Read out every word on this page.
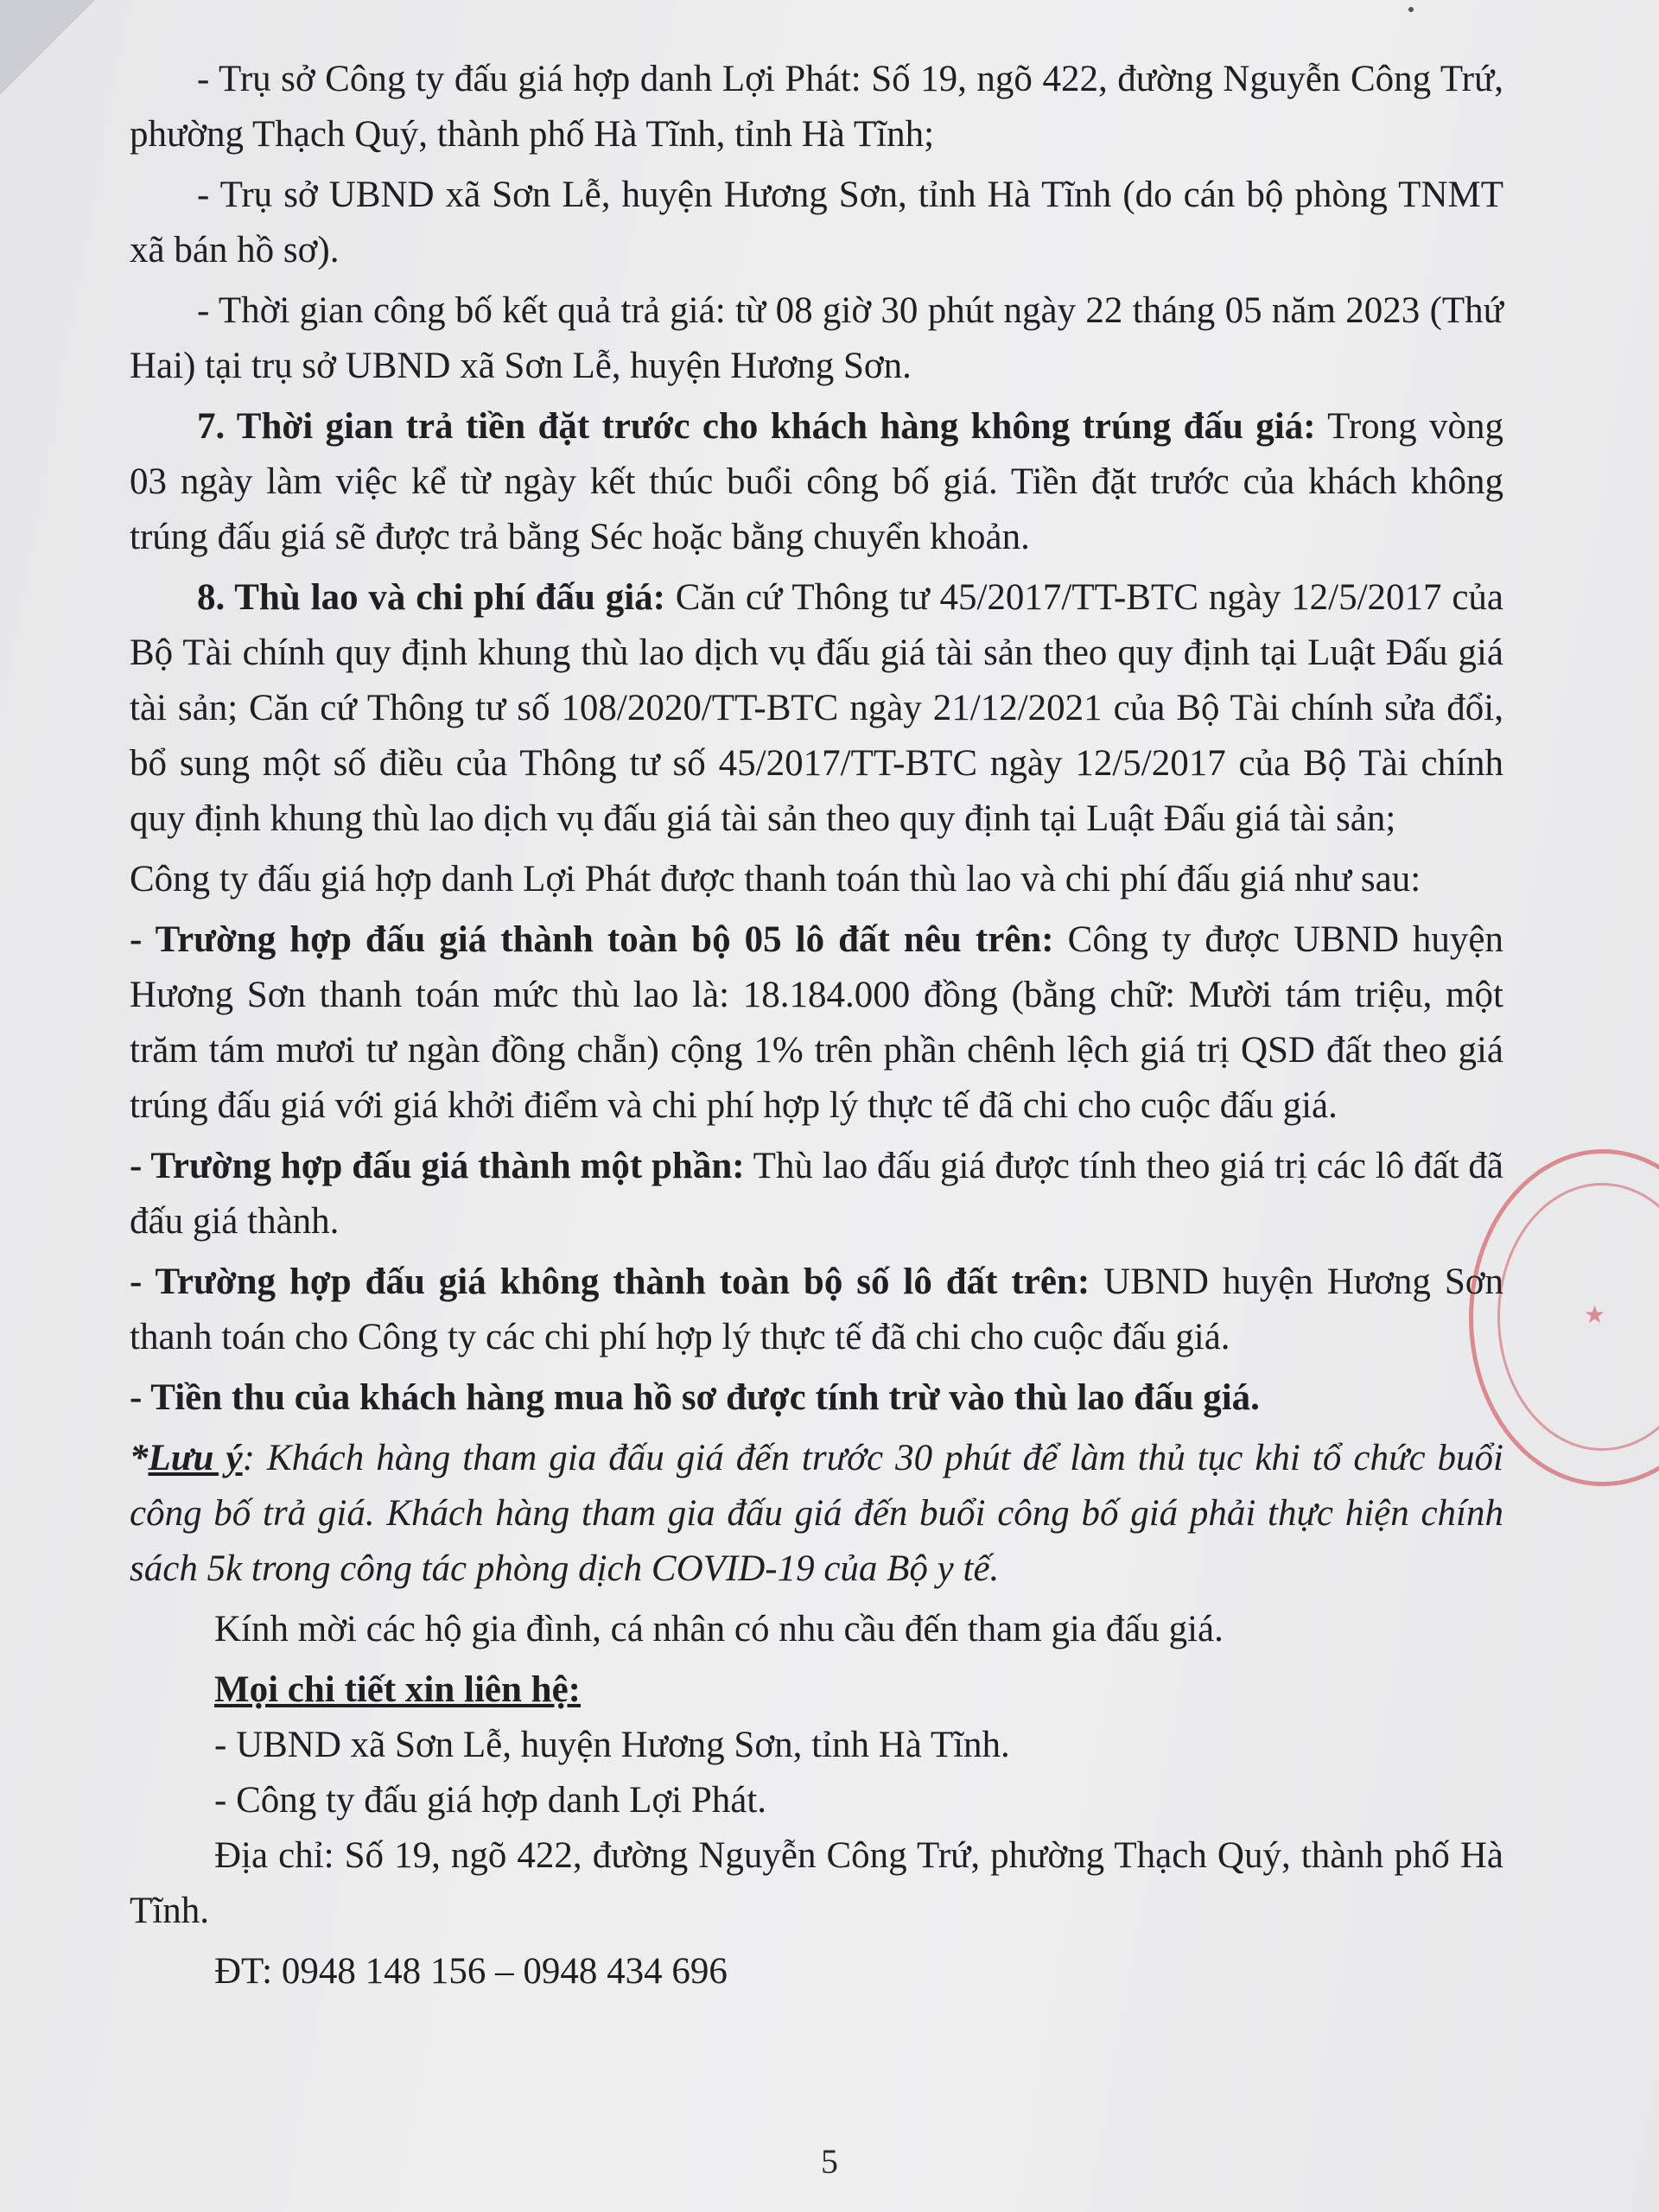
★

- Trụ sở Công ty đấu giá hợp danh Lợi Phát: Số 19, ngõ 422, đường Nguyễn Công Trứ, phường Thạch Quý, thành phố Hà Tĩnh, tỉnh Hà Tĩnh;

- Trụ sở UBND xã Sơn Lễ, huyện Hương Sơn, tỉnh Hà Tĩnh (do cán bộ phòng TNMT xã bán hồ sơ).

- Thời gian công bố kết quả trả giá: từ 08 giờ 30 phút ngày 22 tháng 05 năm 2023 (Thứ Hai) tại trụ sở UBND xã Sơn Lễ, huyện Hương Sơn.

7. Thời gian trả tiền đặt trước cho khách hàng không trúng đấu giá: Trong vòng 03 ngày làm việc kể từ ngày kết thúc buổi công bố giá. Tiền đặt trước của khách không trúng đấu giá sẽ được trả bằng Séc hoặc bằng chuyển khoản.

8. Thù lao và chi phí đấu giá: Căn cứ Thông tư 45/2017/TT-BTC ngày 12/5/2017 của Bộ Tài chính quy định khung thù lao dịch vụ đấu giá tài sản theo quy định tại Luật Đấu giá tài sản; Căn cứ Thông tư số 108/2020/TT-BTC ngày 21/12/2021 của Bộ Tài chính sửa đổi, bổ sung một số điều của Thông tư số 45/2017/TT-BTC ngày 12/5/2017 của Bộ Tài chính quy định khung thù lao dịch vụ đấu giá tài sản theo quy định tại Luật Đấu giá tài sản;

Công ty đấu giá hợp danh Lợi Phát được thanh toán thù lao và chi phí đấu giá như sau:

- Trường hợp đấu giá thành toàn bộ 05 lô đất nêu trên: Công ty được UBND huyện Hương Sơn thanh toán mức thù lao là: 18.184.000 đồng (bằng chữ: Mười tám triệu, một trăm tám mươi tư ngàn đồng chẵn) cộng 1% trên phần chênh lệch giá trị QSD đất theo giá trúng đấu giá với giá khởi điểm và chi phí hợp lý thực tế đã chi cho cuộc đấu giá.

- Trường hợp đấu giá thành một phần: Thù lao đấu giá được tính theo giá trị các lô đất đã đấu giá thành.

- Trường hợp đấu giá không thành toàn bộ số lô đất trên: UBND huyện Hương Sơn thanh toán cho Công ty các chi phí hợp lý thực tế đã chi cho cuộc đấu giá.

- Tiền thu của khách hàng mua hồ sơ được tính trừ vào thù lao đấu giá.

*Lưu ý: Khách hàng tham gia đấu giá đến trước 30 phút để làm thủ tục khi tổ chức buổi công bố trả giá. Khách hàng tham gia đấu giá đến buổi công bố giá phải thực hiện chính sách 5k trong công tác phòng dịch COVID-19 của Bộ y tế.

Kính mời các hộ gia đình, cá nhân có nhu cầu đến tham gia đấu giá.

Mọi chi tiết xin liên hệ:

- UBND xã Sơn Lễ, huyện Hương Sơn, tỉnh Hà Tĩnh.

- Công ty đấu giá hợp danh Lợi Phát.

Địa chỉ: Số 19, ngõ 422, đường Nguyễn Công Trứ, phường Thạch Quý, thành phố Hà Tĩnh.

ĐT: 0948 148 156 – 0948 434 696

5
